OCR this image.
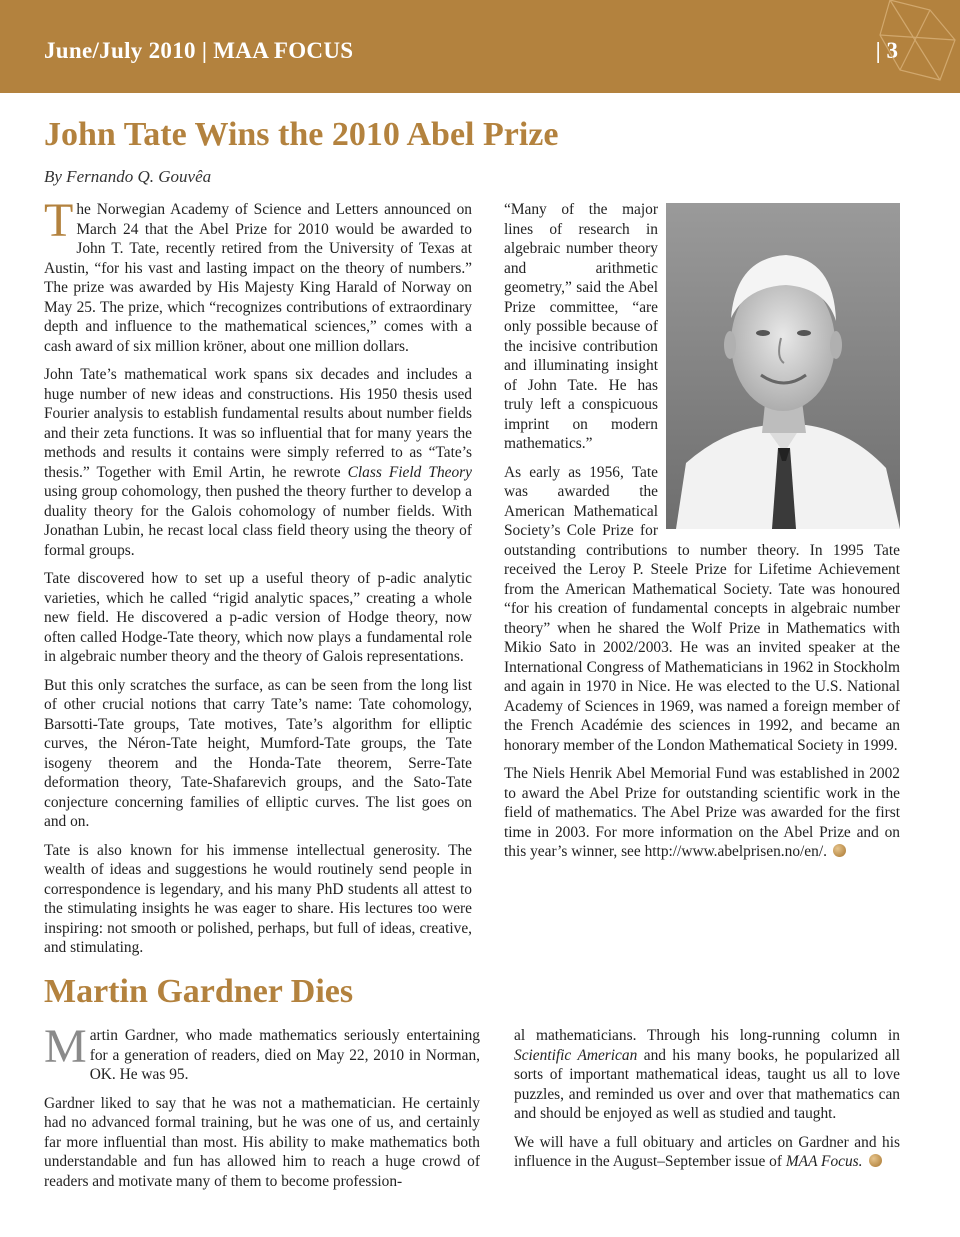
June/July 2010 | MAA FOCUS	| 3
John Tate Wins the 2010 Abel Prize
By Fernando Q. Gouvêa

The Norwegian Academy of Science and Letters announced on March 24 that the Abel Prize for 2010 would be awarded to John T. Tate, recently retired from the University of Texas at Austin, “for his vast and lasting impact on the theory of numbers.” The prize was awarded by His Majesty King Harald of Norway on May 25. The prize, which “recognizes contributions of extraordinary depth and influence to the mathematical sciences,” comes with a cash award of six million kröner, about one million dollars.

John Tate’s mathematical work spans six decades and includes a huge number of new ideas and constructions. His 1950 thesis used Fourier analysis to establish fundamental results about number fields and their zeta functions. It was so influential that for many years the methods and results it contains were simply referred to as “Tate’s thesis.” Together with Emil Artin, he rewrote Class Field Theory using group cohomology, then pushed the theory further to develop a duality theory for the Galois cohomology of number fields. With Jonathan Lubin, he recast local class field theory using the theory of formal groups.

Tate discovered how to set up a useful theory of p-adic analytic varieties, which he called “rigid analytic spaces,” creating a whole new field. He discovered a p-adic version of Hodge theory, now often called Hodge-Tate theory, which now plays a fundamental role in algebraic number theory and the theory of Galois representations.

But this only scratches the surface, as can be seen from the long list of other crucial notions that carry Tate’s name: Tate cohomology, Barsotti-Tate groups, Tate motives, Tate’s algorithm for elliptic curves, the Néron-Tate height, Mumford-Tate groups, the Tate isogeny theorem and the Honda-Tate theorem, Serre-Tate deformation theory, Tate-Shafarevich groups, and the Sato-Tate conjecture concerning families of elliptic curves. The list goes on and on.

Tate is also known for his immense intellectual generosity. The wealth of ideas and suggestions he would routinely send people in correspondence is legendary, and his many PhD students all attest to the stimulating insights he was eager to share. His lectures too were inspiring: not smooth or polished, perhaps, but full of ideas, creative, and stimulating.

“Many of the major lines of research in algebraic number theory and arithmetic geometry,” said the Abel Prize committee, “are only possible because of the incisive contribution and illuminating insight of John Tate. He has truly left a conspicuous imprint on modern mathematics.”

As early as 1956, Tate was awarded the American Mathematical Society’s Cole Prize for outstanding contributions to number theory. In 1995 Tate received the Leroy P. Steele Prize for Lifetime Achievement from the American Mathematical Society. Tate was honoured “for his creation of fundamental concepts in algebraic number theory” when he shared the Wolf Prize in Mathematics with Mikio Sato in 2002/2003. He was an invited speaker at the International Congress of Mathematicians in 1962 in Stockholm and again in 1970 in Nice. He was elected to the U.S. National Academy of Sciences in 1969, was named a foreign member of the French Académie des sciences in 1992, and became an honorary member of the London Mathematical Society in 1999.

The Niels Henrik Abel Memorial Fund was established in 2002 to award the Abel Prize for outstanding scientific work in the field of mathematics. The Abel Prize was awarded for the first time in 2003. For more information on the Abel Prize and on this year’s winner, see http://www.abelprisen.no/en/.

Martin Gardner Dies

Martin Gardner, who made mathematics seriously entertaining for a generation of readers, died on May 22, 2010 in Norman, OK. He was 95.

Gardner liked to say that he was not a mathematician. He certainly had no advanced formal training, but he was one of us, and certainly far more influential than most. His ability to make mathematics both understandable and fun has allowed him to reach a huge crowd of readers and motivate many of them to become profession-

al mathematicians. Through his long-running column in Scientific American and his many books, he popularized all sorts of important mathematical ideas, taught us all to love puzzles, and reminded us over and over that mathematics can and should be enjoyed as well as studied and taught.

We will have a full obituary and articles on Gardner and his influence in the August–September issue of MAA Focus.
